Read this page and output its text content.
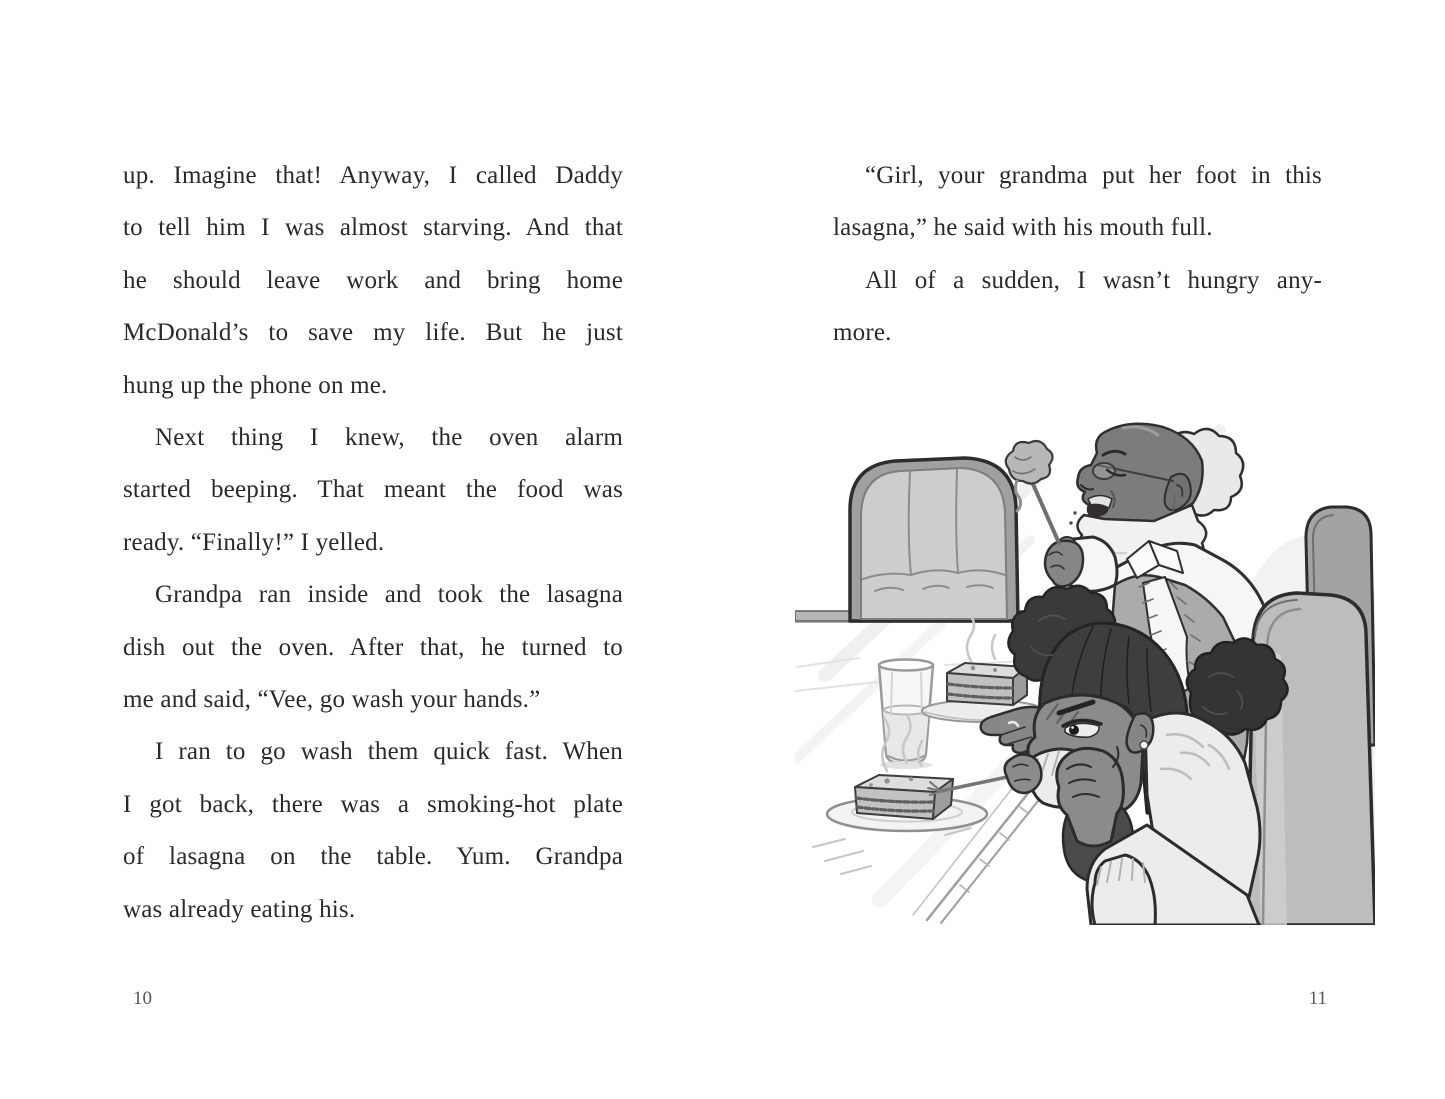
up. Imagine that! Anyway, I called Daddy
to tell him I was almost starving. And that
he should leave work and bring home
McDonald’s to save my life. But he just
hung up the phone on me.
Next thing I knew, the oven alarm
started beeping. That meant the food was
ready. “Finally!” I yelled.
Grandpa ran inside and took the lasagna
dish out the oven. After that, he turned to
me and said, “Vee, go wash your hands.”
I ran to go wash them quick fast. When
I got back, there was a smoking-hot plate
of lasagna on the table. Yum. Grandpa
was already eating his.
10
“Girl, your grandma put her foot in this
lasagna,” he said with his mouth full.
All of a sudden, I wasn’t hungry any-
more.
11
